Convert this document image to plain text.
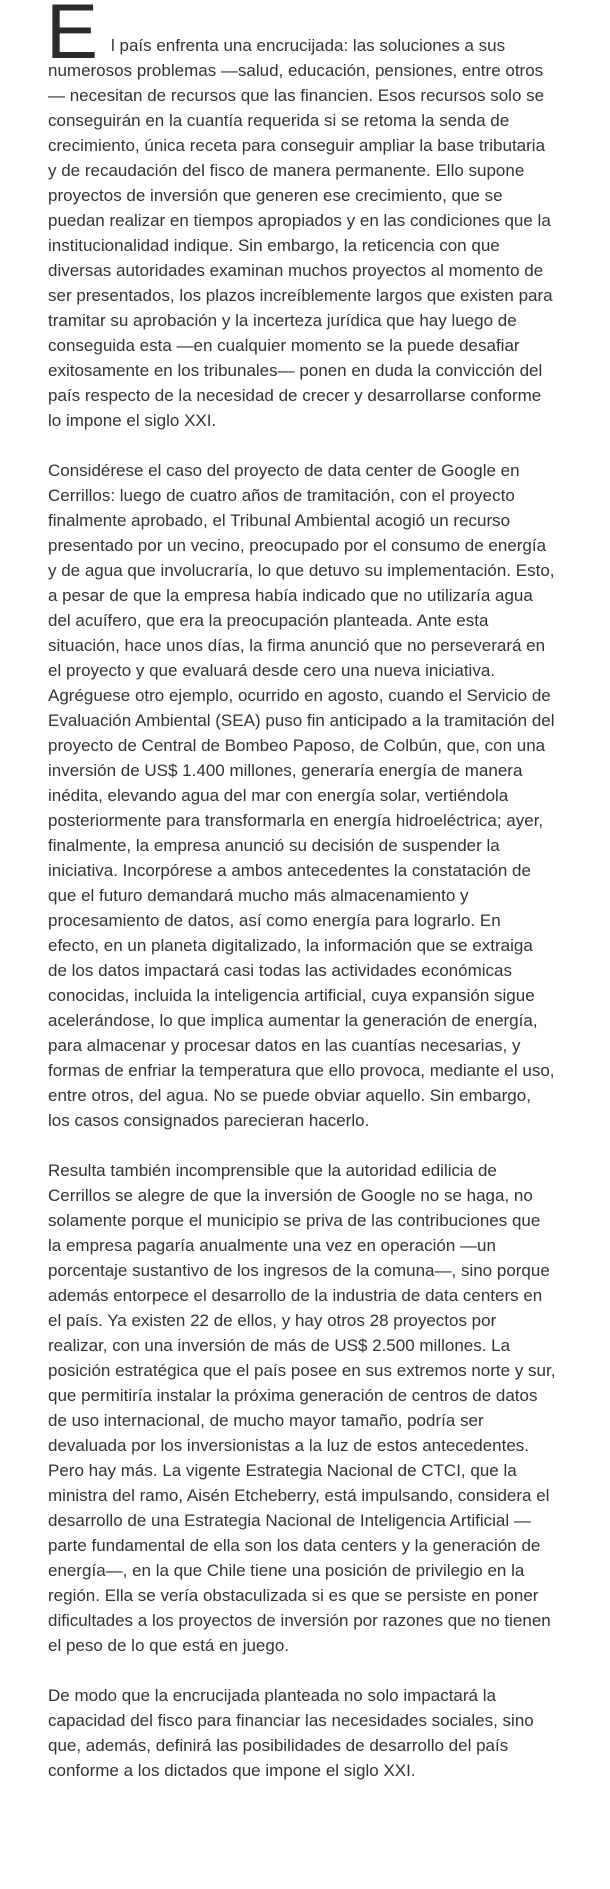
E l país enfrenta una encrucijada: las soluciones a sus numerosos problemas —salud, educación, pensiones, entre otros— necesitan de recursos que las financien. Esos recursos solo se conseguirán en la cuantía requerida si se retoma la senda de crecimiento, única receta para conseguir ampliar la base tributaria y de recaudación del fisco de manera permanente. Ello supone proyectos de inversión que generen ese crecimiento, que se puedan realizar en tiempos apropiados y en las condiciones que la institucionalidad indique. Sin embargo, la reticencia con que diversas autoridades examinan muchos proyectos al momento de ser presentados, los plazos increíblemente largos que existen para tramitar su aprobación y la incerteza jurídica que hay luego de conseguida esta —en cualquier momento se la puede desafiar exitosamente en los tribunales— ponen en duda la convicción del país respecto de la necesidad de crecer y desarrollarse conforme lo impone el siglo XXI.

Considérese el caso del proyecto de data center de Google en Cerrillos: luego de cuatro años de tramitación, con el proyecto finalmente aprobado, el Tribunal Ambiental acogió un recurso presentado por un vecino, preocupado por el consumo de energía y de agua que involucraría, lo que detuvo su implementación. Esto, a pesar de que la empresa había indicado que no utilizaría agua del acuífero, que era la preocupación planteada. Ante esta situación, hace unos días, la firma anunció que no perseverará en el proyecto y que evaluará desde cero una nueva iniciativa. Agréguese otro ejemplo, ocurrido en agosto, cuando el Servicio de Evaluación Ambiental (SEA) puso fin anticipado a la tramitación del proyecto de Central de Bombeo Paposo, de Colbún, que, con una inversión de US$ 1.400 millones, generaría energía de manera inédita, elevando agua del mar con energía solar, vertiéndola posteriormente para transformarla en energía hidroeléctrica; ayer, finalmente, la empresa anunció su decisión de suspender la iniciativa. Incorpórese a ambos antecedentes la constatación de que el futuro demandará mucho más almacenamiento y procesamiento de datos, así como energía para lograrlo. En efecto, en un planeta digitalizado, la información que se extraiga de los datos impactará casi todas las actividades económicas conocidas, incluida la inteligencia artificial, cuya expansión sigue acelerándose, lo que implica aumentar la generación de energía, para almacenar y procesar datos en las cuantías necesarias, y formas de enfriar la temperatura que ello provoca, mediante el uso, entre otros, del agua. No se puede obviar aquello. Sin embargo, los casos consignados parecieran hacerlo.

Resulta también incomprensible que la autoridad edilicia de Cerrillos se alegre de que la inversión de Google no se haga, no solamente porque el municipio se priva de las contribuciones que la empresa pagaría anualmente una vez en operación —un porcentaje sustantivo de los ingresos de la comuna—, sino porque además entorpece el desarrollo de la industria de data centers en el país. Ya existen 22 de ellos, y hay otros 28 proyectos por realizar, con una inversión de más de US$ 2.500 millones. La posición estratégica que el país posee en sus extremos norte y sur, que permitiría instalar la próxima generación de centros de datos de uso internacional, de mucho mayor tamaño, podría ser devaluada por los inversionistas a la luz de estos antecedentes. Pero hay más. La vigente Estrategia Nacional de CTCI, que la ministra del ramo, Aisén Etcheberry, está impulsando, considera el desarrollo de una Estrategia Nacional de Inteligencia Artificial —parte fundamental de ella son los data centers y la generación de energía—, en la que Chile tiene una posición de privilegio en la región. Ella se vería obstaculizada si es que se persiste en poner dificultades a los proyectos de inversión por razones que no tienen el peso de lo que está en juego.

De modo que la encrucijada planteada no solo impactará la capacidad del fisco para financiar las necesidades sociales, sino que, además, definirá las posibilidades de desarrollo del país conforme a los dictados que impone el siglo XXI.
